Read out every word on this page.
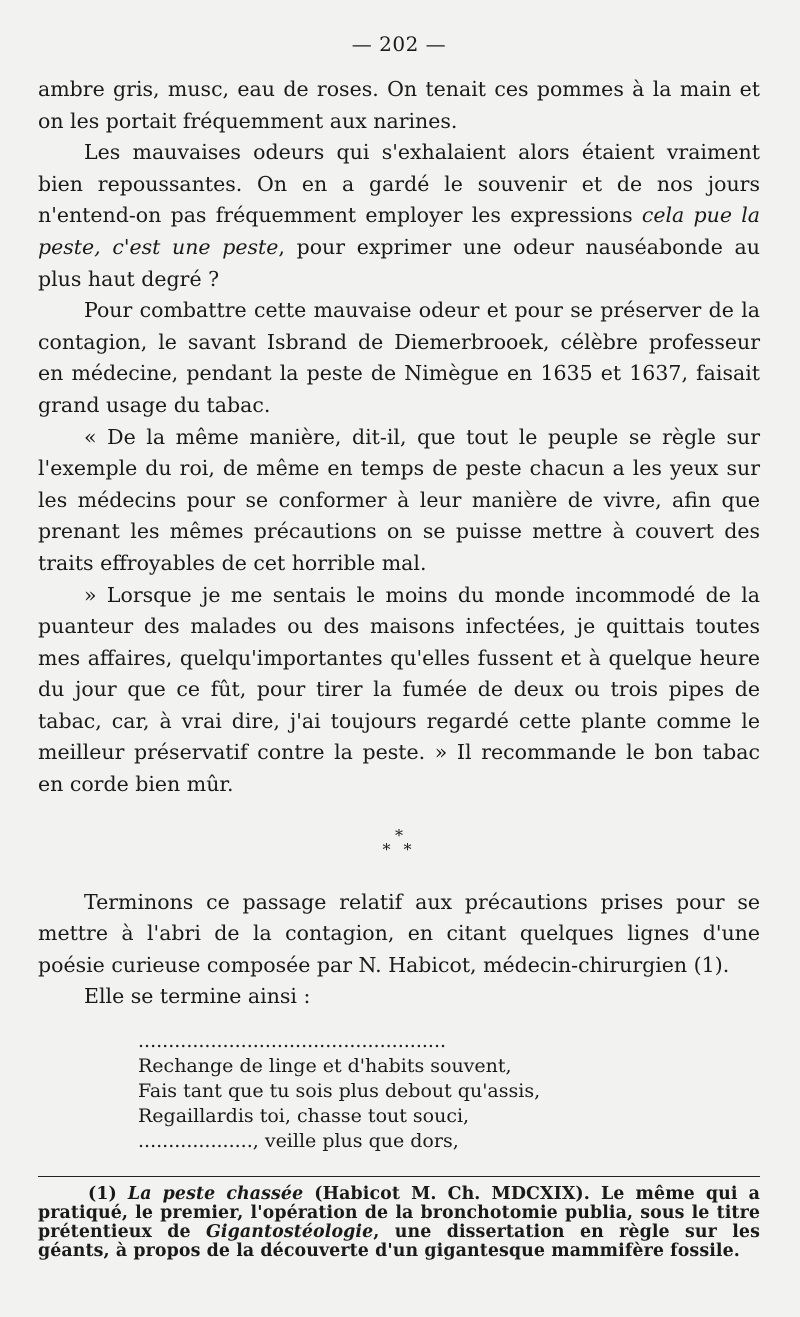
— 202 —

ambre gris, musc, eau de roses. On tenait ces pommes à la main et on les portait fréquemment aux narines.

Les mauvaises odeurs qui s'exhalaient alors étaient vraiment bien repoussantes. On en a gardé le souvenir et de nos jours n'entend-on pas fréquemment employer les expressions cela pue la peste, c'est une peste, pour exprimer une odeur nauséabonde au plus haut degré ?

Pour combattre cette mauvaise odeur et pour se préserver de la contagion, le savant Isbrand de Diemerbrooek, célèbre professeur en médecine, pendant la peste de Nimègue en 1635 et 1637, faisait grand usage du tabac.

« De la même manière, dit-il, que tout le peuple se règle sur l'exemple du roi, de même en temps de peste chacun a les yeux sur les médecins pour se conformer à leur manière de vivre, afin que prenant les mêmes précautions on se puisse mettre à couvert des traits effroyables de cet horrible mal.

» Lorsque je me sentais le moins du monde incommodé de la puanteur des malades ou des maisons infectées, je quittais toutes mes affaires, quelqu'importantes qu'elles fussent et à quelque heure du jour que ce fût, pour tirer la fumée de deux ou trois pipes de tabac, car, à vrai dire, j'ai toujours regardé cette plante comme le meilleur préservatif contre la peste. » Il recommande le bon tabac en corde bien mûr.

*
* *

Terminons ce passage relatif aux précautions prises pour se mettre à l'abri de la contagion, en citant quelques lignes d'une poésie curieuse composée par N. Habicot, médecin-chirurgien (1).

Elle se termine ainsi :

...................................................
Rechange de linge et d'habits souvent,
Fais tant que tu sois plus debout qu'assis,
Regaillardis toi, chasse tout souci,
..................., veille plus que dors,
(1) La peste chassée (Habicot M. Ch. MDCXIX). Le même qui a pratiqué, le premier, l'opération de la bronchotomie publia, sous le titre prétentieux de Gigantostéologie, une dissertation en règle sur les géants, à propos de la découverte d'un gigantesque mammifère fossile.
